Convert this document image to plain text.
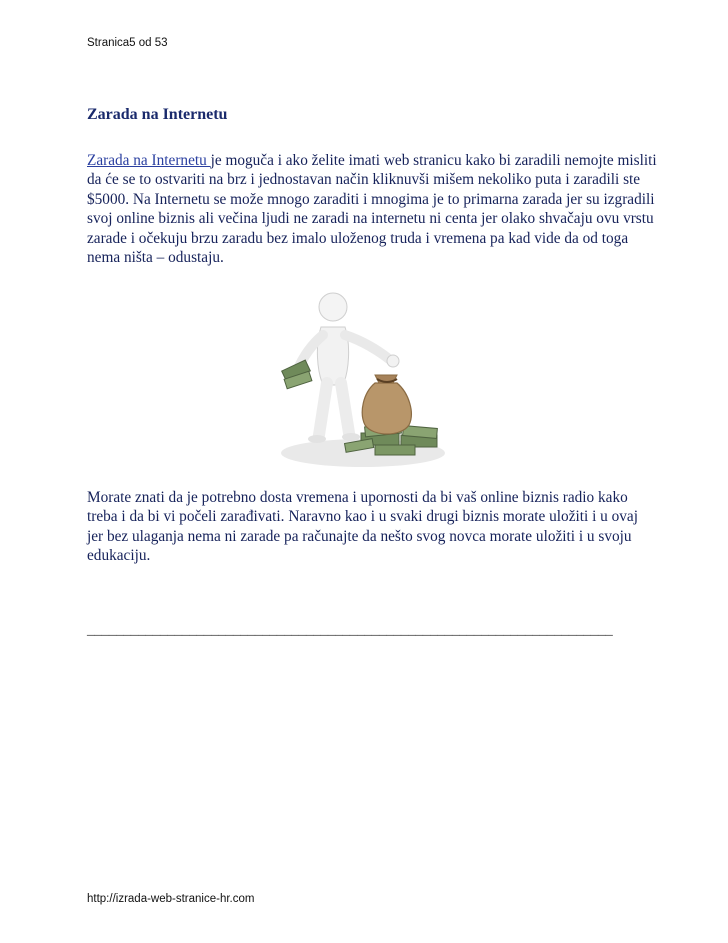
Stranica5 od 53
Zarada na Internetu

Zarada na Internetu je moguča i ako želite imati web stranicu kako bi zaradili nemojte misliti da će se to ostvariti na brz i jednostavan način kliknuvši mišem nekoliko puta i zaradili ste $5000. Na Internetu se može mnogo zaraditi i mnogima je to primarna zarada jer su izgradili svoj online biznis ali večina ljudi ne zaradi na internetu ni centa jer olako shvačaju ovu vrstu zarade i očekuju brzu zaradu bez imalo uloženog truda i vremena pa kad vide da od toga nema ništa – odustaju.

Morate znati da je potrebno dosta vremena i upornosti da bi vaš online biznis radio kako treba i da bi vi počeli zarađivati. Naravno kao i u svaki drugi biznis morate uložiti i u ovaj jer bez ulaganja nema ni zarade pa računajte da nešto svog novca morate uložiti i u svoju edukaciju.

________________________________________________________________________
http://izrada-web-stranice-hr.com
